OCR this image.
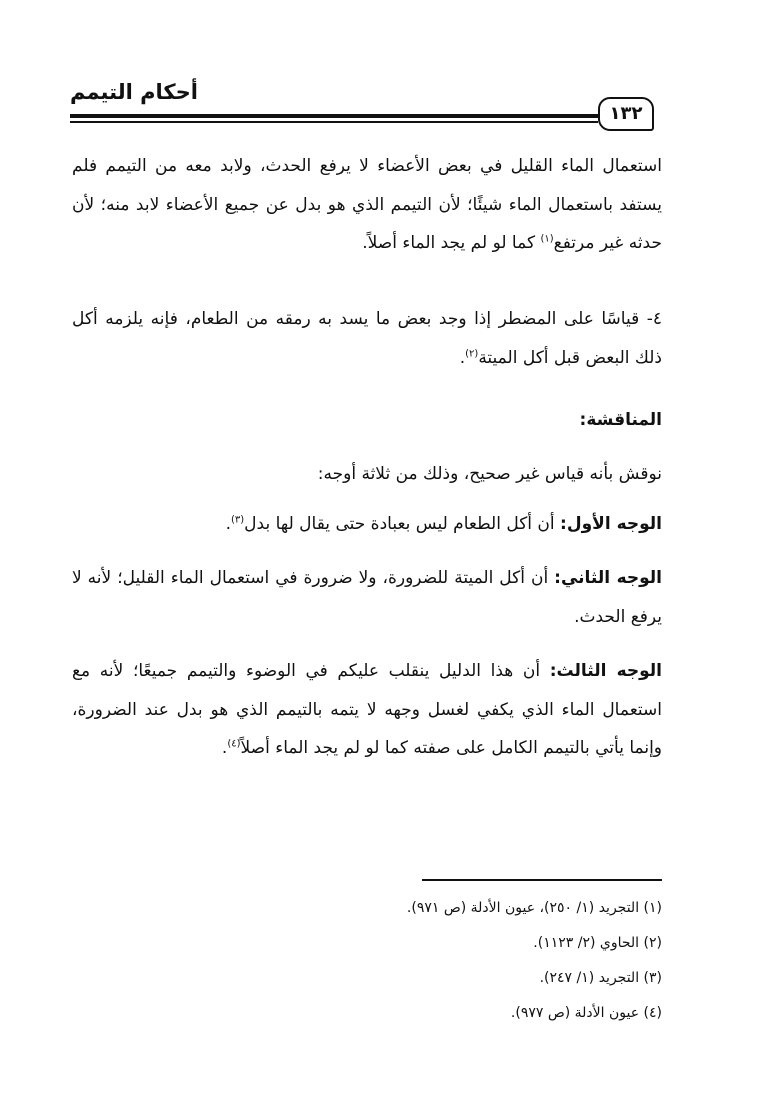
أحكام التيمم
١٣٢

استعمال الماء القليل في بعض الأعضاء لا يرفع الحدث، ولابد معه من التيمم فلم يستفد باستعمال الماء شيئًا؛ لأن التيمم الذي هو بدل عن جميع الأعضاء لابد منه؛ لأن حدثه غير مرتفع$^{(١)}$ كما لو لم يجد الماء أصلاً.

٤- قياسًا على المضطر إذا وجد بعض ما يسد به رمقه من الطعام، فإنه يلزمه أكل ذلك البعض قبل أكل الميتة$^{(٢)}$.

المناقشة:

نوقش بأنه قياس غير صحيح، وذلك من ثلاثة أوجه:

الوجه الأول: أن أكل الطعام ليس بعبادة حتى يقال لها بدل$^{(٣)}$.

الوجه الثاني: أن أكل الميتة للضرورة، ولا ضرورة في استعمال الماء القليل؛ لأنه لا يرفع الحدث.

الوجه الثالث: أن هذا الدليل ينقلب عليكم في الوضوء والتيمم جميعًا؛ لأنه مع استعمال الماء الذي يكفي لغسل وجهه لا يتمه بالتيمم الذي هو بدل عند الضرورة، وإنما يأتي بالتيمم الكامل على صفته كما لو لم يجد الماء أصلاً$^{(٤)}$.

(١) التجريد (١/ ٢٥٠)، عيون الأدلة (ص ٩٧١).
(٢) الحاوي (٢/ ١١٢٣).
(٣) التجريد (١/ ٢٤٧).
(٤) عيون الأدلة (ص ٩٧٧).
